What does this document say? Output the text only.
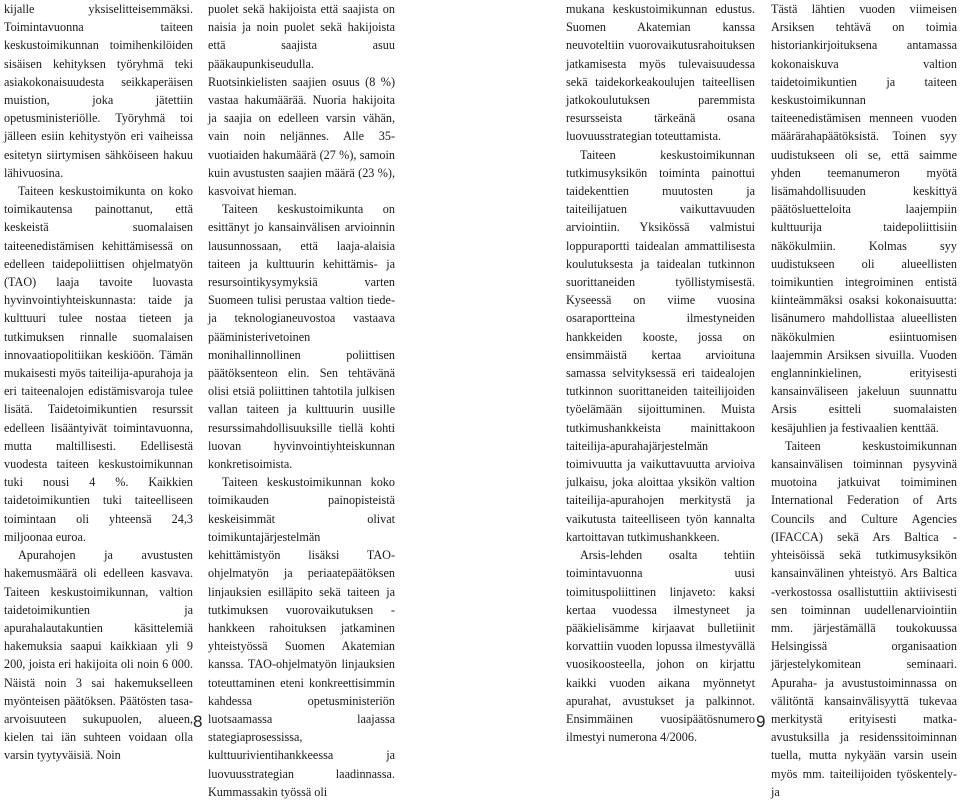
kijalle yksiselitteisemmäksi. Toimintavuonna taiteen keskustoimikunnan toimihenkilöiden sisäisen kehityksen työryhmä teki asiakokonaisuudesta seikkaperäisen muistion, joka jätettiin opetusministeriölle. Työryhmä toi jälleen esiin kehitystyön eri vaiheissa esitetyn siirtymisen sähköiseen hakuu lähivuosina.

Taiteen keskustoimikunta on koko toimikautensa painottanut, että keskeistä suomalaisen taiteenedistämisen kehittämisessä on edelleen taidepoliittisen ohjelmatyön (TAO) laaja tavoite luovasta hyvinvointiyhteiskunnasta: taide ja kulttuuri tulee nostaa tieteen ja tutkimuksen rinnalle suomalaisen innovaatiopolitiikan keskiöön. Tämän mukaisesti myös taiteilija-apurahoja ja eri taiteenalojen edistämisvaroja tulee lisätä. Taidetoimikuntien resurssit edelleen lisääntyivät toimintavuonna, mutta maltillisesti. Edellisestä vuodesta taiteen keskustoimikunnan tuki nousi 4 %. Kaikkien taidetoimikuntien tuki taiteelliseen toimintaan oli yhteensä 24,3 miljoonaa euroa.

Apurahojen ja avustusten hakemusmäärä oli edelleen kasvava. Taiteen keskustoimikunnan, valtion taidetoimikuntien ja apurahalautakuntien käsittelemiä hakemuksia saapui kaikkiaan yli 9 200, joista eri hakijoita oli noin 6 000. Näistä noin 3 sai hakemukselleen myönteisen päätöksen. Päätösten tasa-arvoisuuteen sukupuolen, alueen, kielen tai iän suhteen voidaan olla varsin tyytyväisiä. Noin

puolet sekä hakijoista että saajista on naisia ja noin puolet sekä hakijoista että saajista asuu pääkaupunkiseudulla. Ruotsinkielisten saajien osuus (8 %) vastaa hakumäärää. Nuoria hakijoita ja saajia on edelleen varsin vähän, vain noin neljännes. Alle 35-vuotiaiden hakumäärä (27 %), samoin kuin avustusten saajien määrä (23 %), kasvoivat hieman.

Taiteen keskustoimikunta on esittänyt jo kansainvälisen arvioinnin lausunnossaan, että laaja-alaisia taiteen ja kulttuurin kehittämis- ja resursointikysymyksiä varten Suomeen tulisi perustaa valtion tiede- ja teknologianeuvostoa vastaava pääministerivetoinen monihallinnollinen poliittisen päätöksenteon elin. Sen tehtävänä olisi etsiä poliittinen tahtotila julkisen vallan taiteen ja kulttuurin uusille resurssimahdollisuuksille tiellä kohti luovan hyvinvointiyhteiskunnan konkretisoimista.

Taiteen keskustoimikunnan koko toimikauden painopisteistä keskeisimmät olivat toimikuntajärjestelmän kehittämistyön lisäksi TAO-ohjelmatyön ja periaatepäätöksen linjauksien esilläpito sekä taiteen ja tutkimuksen vuorovaikutuksen -hankkeen rahoituksen jatkaminen yhteistyössä Suomen Akatemian kanssa. TAO-ohjelmatyön linjauksien toteuttaminen eteni konkreettisimmin kahdessa opetusministeriön luotsaamassa laajassa stategiaprosessissa, kulttuurivientihankkeessa ja luovuusstrategian laadinnassa. Kummassakin työssä oli

mukana keskustoimikunnan edustus. Suomen Akatemian kanssa neuvoteltiin vuorovaikutusrahoituksen jatkamisesta myös tulevaisuudessa sekä taidekorkeakoulujen taiteellisen jatkokoulutuksen paremmista resursseista tärkeänä osana luovuusstrategian toteuttamista.

Taiteen keskustoimikunnan tutkimusyksikön toiminta painottui taidekenttien muutosten ja taiteilijatuen vaikuttavuuden arviointiin. Yksikössä valmistui loppuraportti taidealan ammattilisesta koulutuksesta ja taidealan tutkinnon suorittaneiden työllistymisestä. Kyseessä on viime vuosina osaraportteina ilmestyneiden hankkeiden kooste, jossa on ensimmäistä kertaa arvioituna samassa selvityksessä eri taidealojen tutkinnon suorittaneiden taiteilijoiden työelämään sijoittuminen. Muista tutkimushankkeista mainittakoon taiteilija-apurahajärjestelmän toimivuutta ja vaikuttavuutta arvioiva julkaisu, joka aloittaa yksikön valtion taiteilija-apurahojen merkitystä ja vaikutusta taiteelliseen työn kannalta kartoittavan tutkimushankkeen.

Arsis-lehden osalta tehtiin toimintavuonna uusi toimituspoliittinen linjaveto: kaksi kertaa vuodessa ilmestyneet ja pääkielisämme kirjaavat bulletiinit korvattiin vuoden lopussa ilmestyvällä vuosikoosteella, johon on kirjattu kaikki vuoden aikana myönnetyt apurahat, avustukset ja palkinnot. Ensimmäinen vuosipäätösnumero ilmestyi numerona 4/2006.

Tästä lähtien vuoden viimeisen Arsiksen tehtävä on toimia historiankirjoituksena antamassa kokonaiskuva valtion taidetoimikuntien ja taiteen keskustoimikunnan taiteenedistämisen menneen vuoden määrärahapäätöksistä. Toinen syy uudistukseen oli se, että saimme yhden teemanumeron myötä lisämahdollisuuden keskittyä päätösluetteloita laajempiin kulttuurija taidepoliittisiin näkökulmiin. Kolmas syy uudistukseen oli alueellisten toimikuntien integroiminen entistä kiinteämmäksi osaksi kokonaisuutta: lisänumero mahdollistaa alueellisten näkökulmien esiintuomisen laajemmin Arsiksen sivuilla. Vuoden englanninkielinen, erityisesti kansainväliseen jakeluun suunnattu Arsis esitteli suomalaisten kesäjuhlien ja festivaalien kenttää.

Taiteen keskustoimikunnan kansainvälisen toiminnan pysyvinä muotoina jatkuivat toimiminen International Federation of Arts Councils and Culture Agencies (IFACCA) sekä Ars Baltica -yhteisöissä sekä tutkimusyksikön kansainvälinen yhteistyö. Ars Baltica -verkostossa osallistuttiin aktiivisesti sen toiminnan uudellenarviointiin mm. järjestämällä toukokuussa Helsingissä organisaation järjestelykomitean seminaari. Apuraha- ja avustustoiminnassa on välitöntä kansainvälisyyttä tukevaa merkitystä erityisesti matka-avustuksilla ja residenssitoiminnan tuella, mutta nykyään varsin usein myös mm. taiteilijoiden työskentely- ja

8	9
